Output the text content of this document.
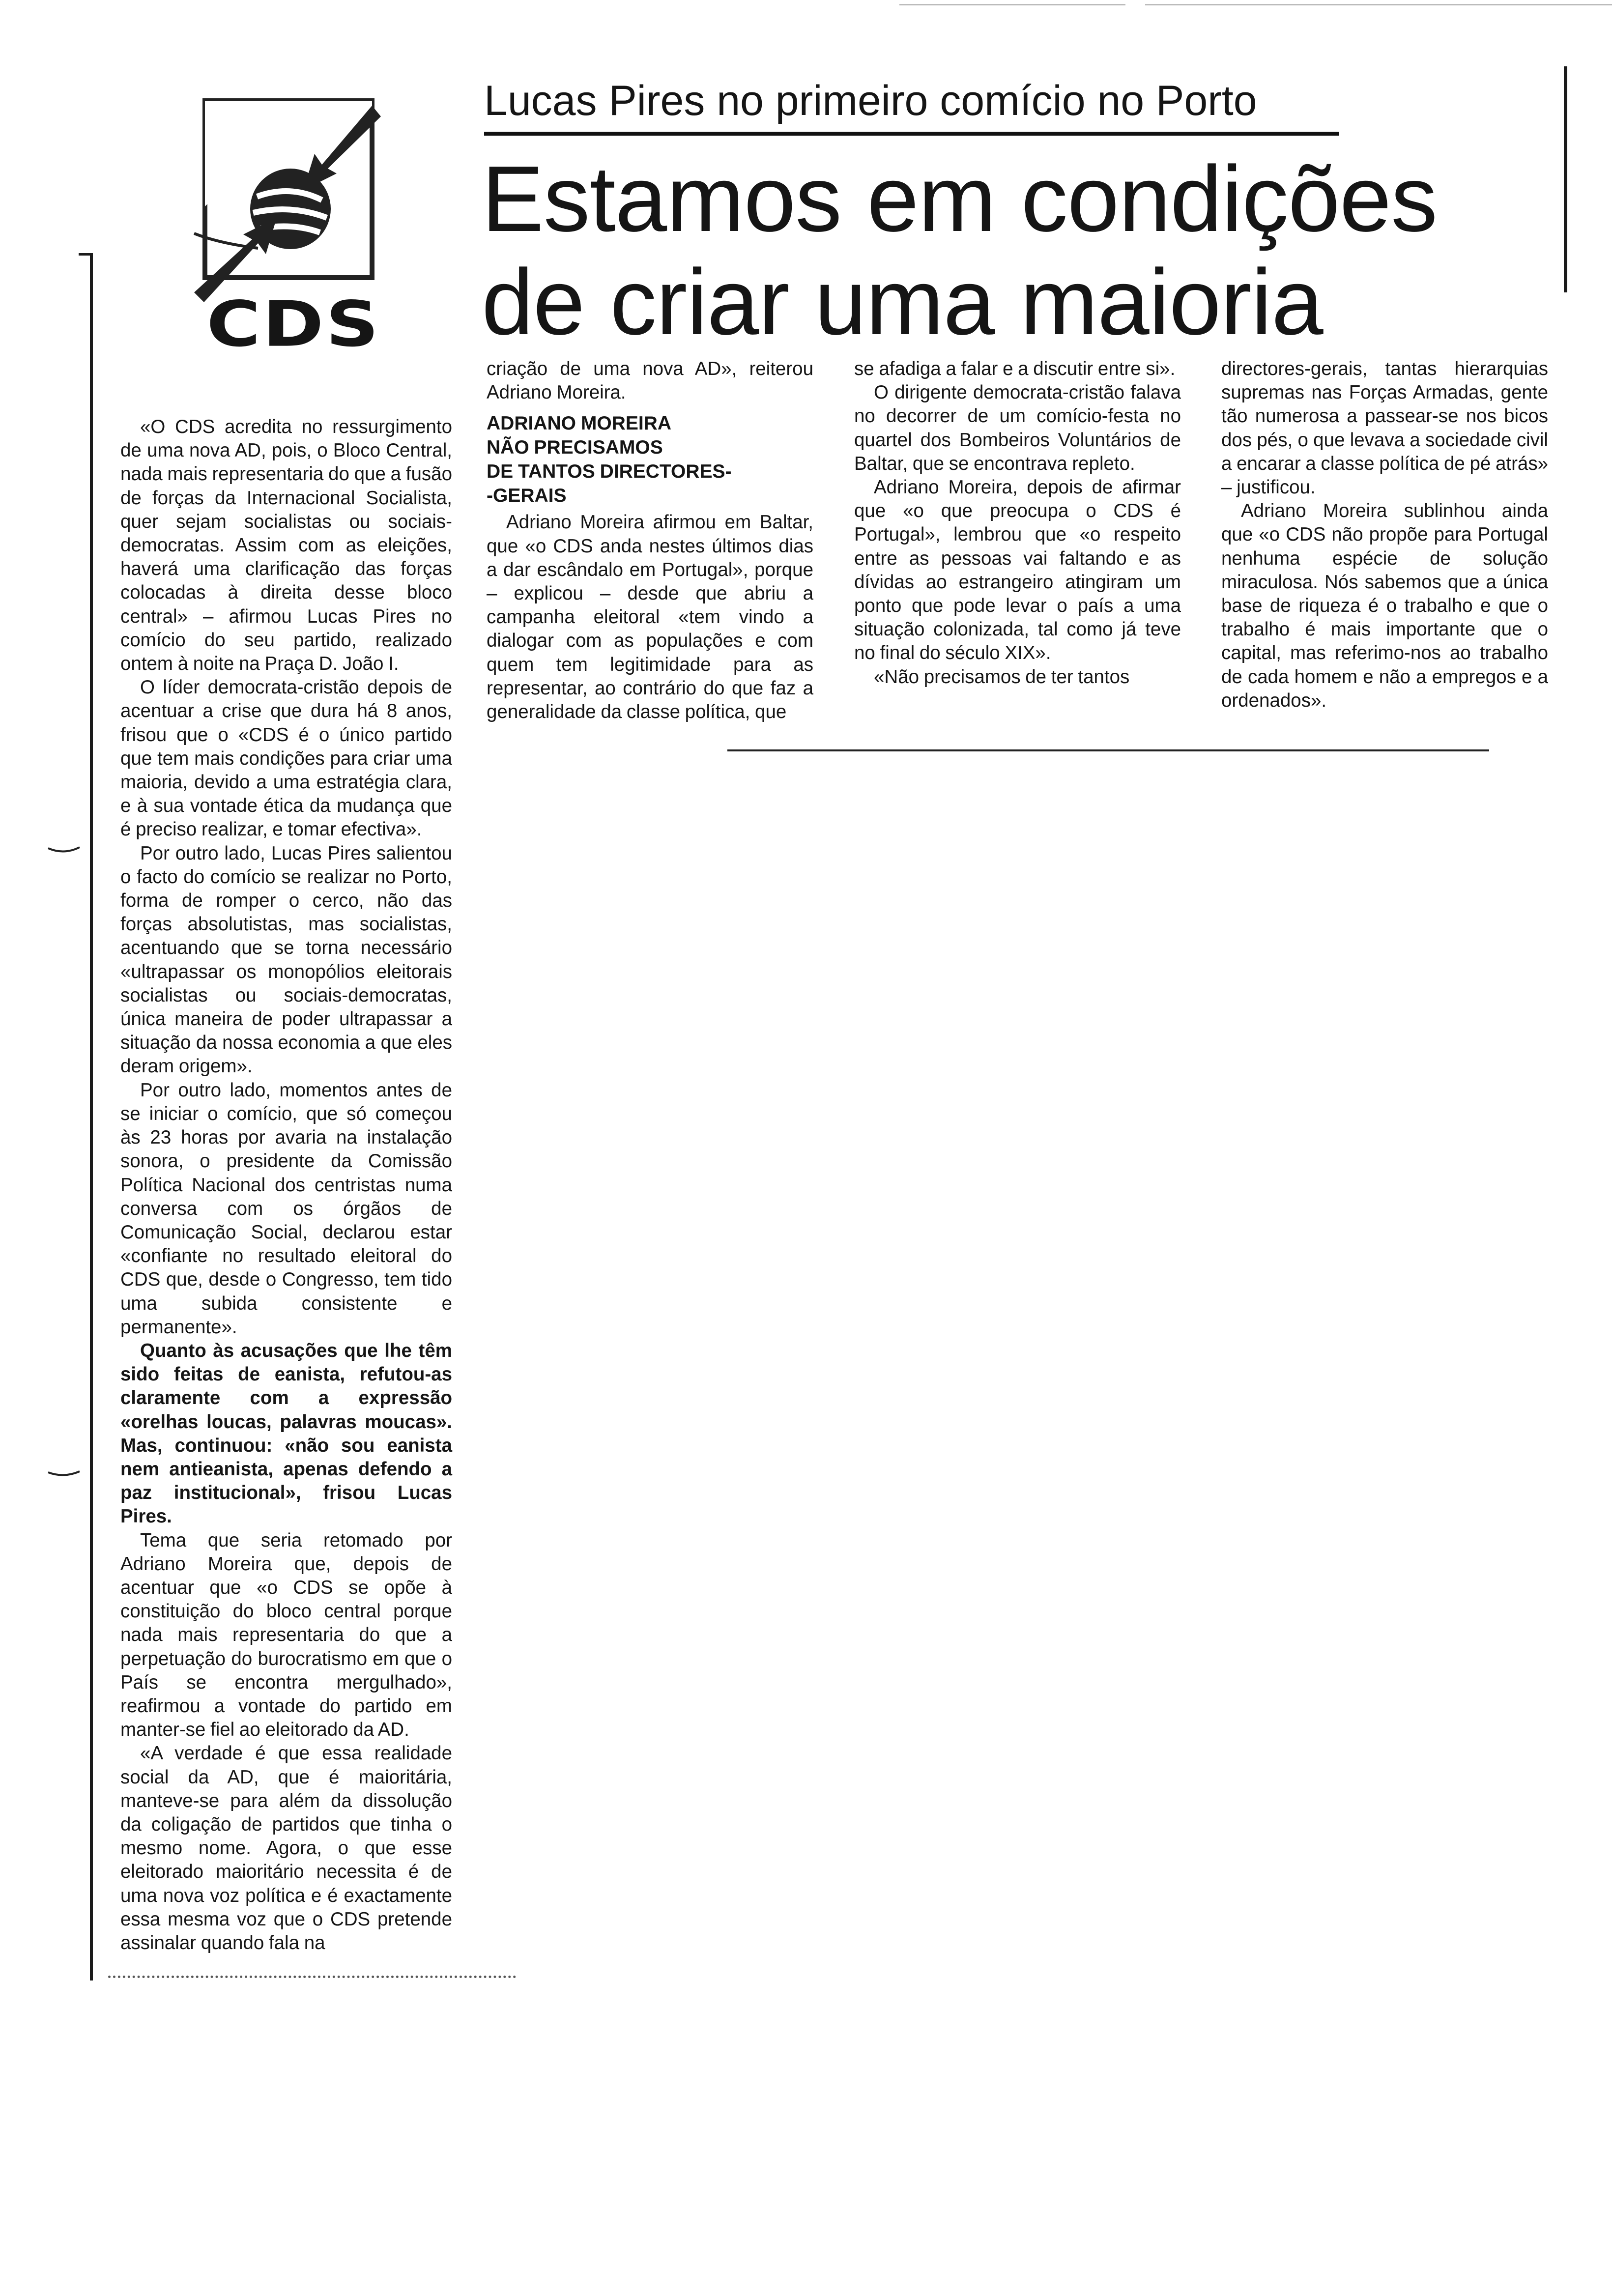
CDS
Lucas Pires no primeiro comício no Porto
Estamos em condições
de criar uma maioria

«O CDS acredita no ressurgimento de uma nova AD, pois, o Bloco Central, nada mais representaria do que a fusão de forças da Internacional Socialista, quer sejam socialistas ou sociais-democratas. Assim com as eleições, haverá uma clarificação das forças colocadas à direita desse bloco central» – afirmou Lucas Pires no comício do seu partido, realizado ontem à noite na Praça D. João I.

O líder democrata-cristão depois de acentuar a crise que dura há 8 anos, frisou que o «CDS é o único partido que tem mais condições para criar uma maioria, devido a uma estratégia clara, e à sua vontade ética da mudança que é preciso realizar, e tomar efectiva».

Por outro lado, Lucas Pires salientou o facto do comício se realizar no Porto, forma de romper o cerco, não das forças absolutistas, mas socialistas, acentuando que se torna necessário «ultrapassar os monopólios eleitorais socialistas ou sociais-democratas, única maneira de poder ultrapassar a situação da nossa economia a que eles deram origem».

Por outro lado, momentos antes de se iniciar o comício, que só começou às 23 horas por avaria na instalação sonora, o presidente da Comissão Política Nacional dos centristas numa conversa com os órgãos de Comunicação Social, declarou estar «confiante no resultado eleitoral do CDS que, desde o Congresso, tem tido uma subida consistente e permanente».

Quanto às acusações que lhe têm sido feitas de eanista, refutou-as claramente com a expressão «orelhas loucas, palavras moucas». Mas, continuou: «não sou eanista nem antieanista, apenas defendo a paz institucional», frisou Lucas Pires.

Tema que seria retomado por Adriano Moreira que, depois de acentuar que «o CDS se opõe à constituição do bloco central porque nada mais representaria do que a perpetuação do burocratismo em que o País se encontra mergulhado», reafirmou a vontade do partido em manter-se fiel ao eleitorado da AD.

«A verdade é que essa realidade social da AD, que é maioritária, manteve-se para além da dissolução da coligação de partidos que tinha o mesmo nome. Agora, o que esse eleitorado maioritário necessita é de uma nova voz política e é exactamente essa mesma voz que o CDS pretende assinalar quando fala na

criação de uma nova AD», reiterou Adriano Moreira.

ADRIANO MOREIRA
NÃO PRECISAMOS
DE TANTOS DIRECTORES-
-GERAIS

Adriano Moreira afirmou em Baltar, que «o CDS anda nestes últimos dias a dar escândalo em Portugal», porque – explicou – desde que abriu a campanha eleitoral «tem vindo a dialogar com as populações e com quem tem legitimidade para as representar, ao contrário do que faz a generalidade da classe política, que

se afadiga a falar e a discutir entre si».

O dirigente democrata-cristão falava no decorrer de um comício-festa no quartel dos Bombeiros Voluntários de Baltar, que se encontrava repleto.

Adriano Moreira, depois de afirmar que «o que preocupa o CDS é Portugal», lembrou que «o respeito entre as pessoas vai faltando e as dívidas ao estrangeiro atingiram um ponto que pode levar o país a uma situação colonizada, tal como já teve no final do século XIX».

«Não precisamos de ter tantos

directores-gerais, tantas hierarquias supremas nas Forças Armadas, gente tão numerosa a passear-se nos bicos dos pés, o que levava a sociedade civil a encarar a classe política de pé atrás» – justificou.

Adriano Moreira sublinhou ainda que «o CDS não propõe para Portugal nenhuma espécie de solução miraculosa. Nós sabemos que a única base de riqueza é o trabalho e que o trabalho é mais importante que o capital, mas referimo-nos ao trabalho de cada homem e não a empregos e a ordenados».
